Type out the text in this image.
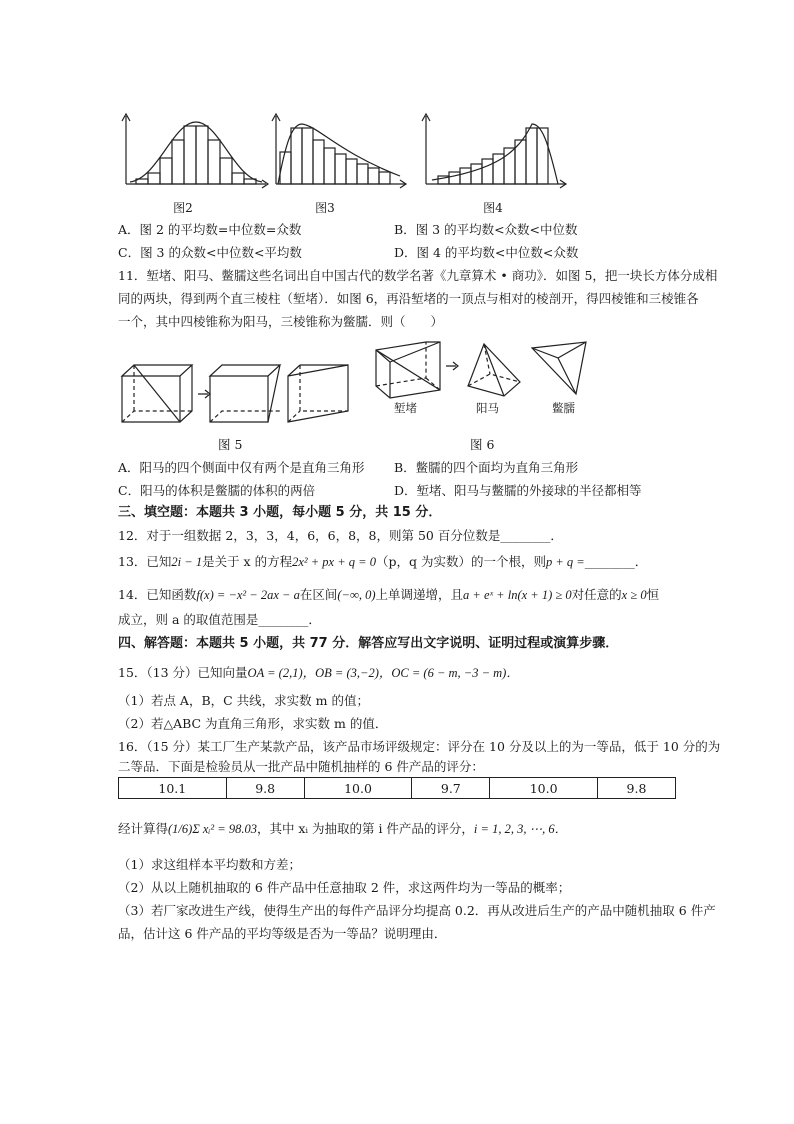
图2	图3	图4
A．图 2 的平均数=中位数=众数	B．图 3 的平均数<众数<中位数
C．图 3 的众数<中位数<平均数	D．图 4 的平均数<中位数<众数
11．堑堵、阳马、鳖臑这些名词出自中国古代的数学名著《九章算术 • 商功》．如图 5，把一块长方体分成相
同的两块，得到两个直三棱柱（堑堵）．如图 6，再沿堑堵的一顶点与相对的棱剖开，得四棱锥和三棱锥各
一个，其中四棱锥称为阳马，三棱锥称为鳖臑．则（　　）
堑堵	阳马	鳖臑
图 5	图 6
A．阳马的四个侧面中仅有两个是直角三角形 B．鳖臑的四个面均为直角三角形
C．阳马的体积是鳖臑的体积的两倍	D．堑堵、阳马与鳖臑的外接球的半径都相等
三、填空题：本题共 3 小题，每小题 5 分，共 15 分．
12．对于一组数据 2，3，3，4，6，6，8，8，则第 50 百分位数是________．
13．已知2i − 1是关于 x 的方程2x² + px + q = 0（p，q 为实数）的一个根，则p + q =________．
14．已知函数f(x) = −x² − 2ax − a在区间(−∞, 0)上单调递增，且a + eˣ + ln(x + 1) ≥ 0对任意的x ≥ 0恒
成立，则 a 的取值范围是________．
四、解答题：本题共 5 小题，共 77 分．解答应写出文字说明、证明过程或演算步骤．
15．（13 分）已知向量OA = (2,1)，OB = (3,−2)，OC = (6 − m, −3 − m)．
（1）若点 A，B，C 共线，求实数 m 的值；
（2）若△ABC 为直角三角形，求实数 m 的值．
16．（15 分）某工厂生产某款产品，该产品市场评级规定：评分在 10 分及以上的为一等品，低于 10 分的为
二等品．下面是检验员从一批产品中随机抽样的 6 件产品的评分：
10.1	9.8	10.0	9.7	10.0	9.8
经计算得(1/6)Σ xᵢ² = 98.03，其中 xᵢ 为抽取的第 i 件产品的评分，i = 1, 2, 3, ⋯, 6．
（1）求这组样本平均数和方差；
（2）从以上随机抽取的 6 件产品中任意抽取 2 件，求这两件均为一等品的概率；
（3）若厂家改进生产线，使得生产出的每件产品评分均提高 0.2．再从改进后生产的产品中随机抽取 6 件产
品，估计这 6 件产品的平均等级是否为一等品？说明理由．
